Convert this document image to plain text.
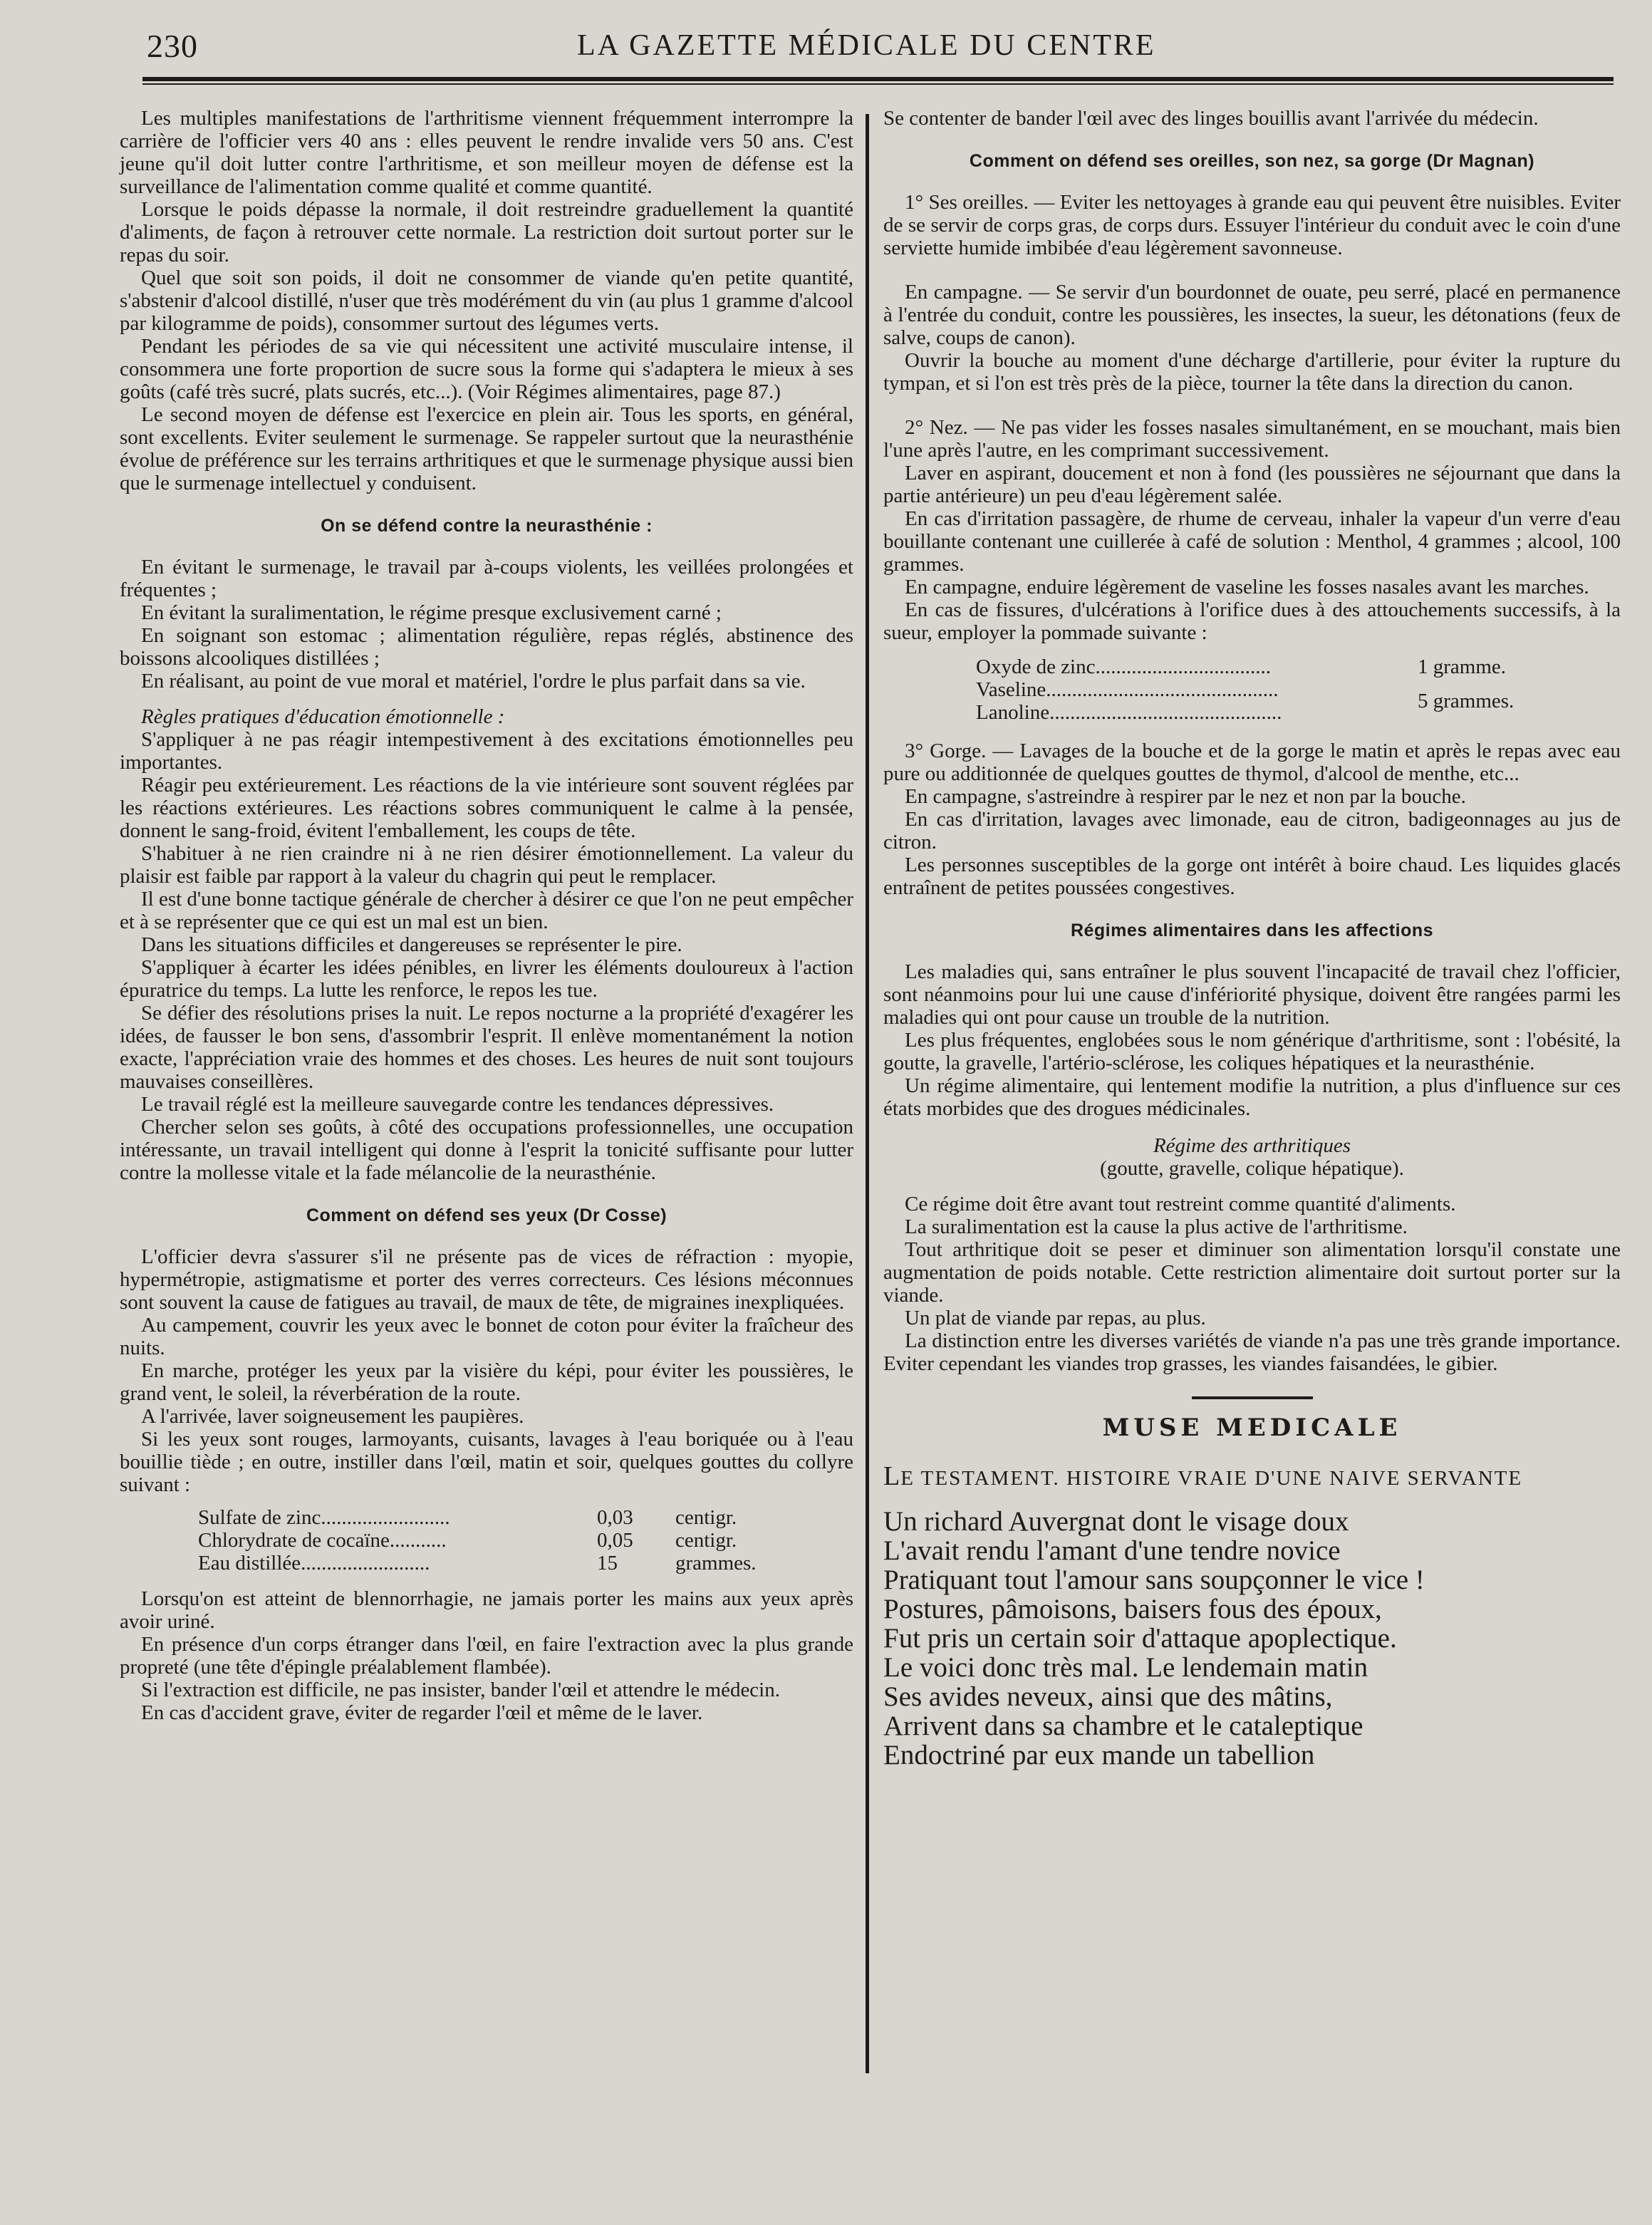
230	LA GAZETTE MÉDICALE DU CENTRE

Les multiples manifestations de l'arthritisme viennent fréquemment interrompre la carrière de l'officier vers 40 ans : elles peuvent le rendre invalide vers 50 ans. C'est jeune qu'il doit lutter contre l'arthritisme, et son meilleur moyen de défense est la surveillance de l'alimentation comme qualité et comme quantité.

Lorsque le poids dépasse la normale, il doit restreindre graduellement la quantité d'aliments, de façon à retrouver cette normale. La restriction doit surtout porter sur le repas du soir.

Quel que soit son poids, il doit ne consommer de viande qu'en petite quantité, s'abstenir d'alcool distillé, n'user que très modérément du vin (au plus 1 gramme d'alcool par kilogramme de poids), consommer surtout des légumes verts.

Pendant les périodes de sa vie qui nécessitent une activité musculaire intense, il consommera une forte proportion de sucre sous la forme qui s'adaptera le mieux à ses goûts (café très sucré, plats sucrés, etc...). (Voir Régimes alimentaires, page 87.)

Le second moyen de défense est l'exercice en plein air. Tous les sports, en général, sont excellents. Eviter seulement le surmenage. Se rappeler surtout que la neurasthénie évolue de préférence sur les terrains arthritiques et que le surmenage physique aussi bien que le surmenage intellectuel y conduisent.

On se défend contre la neurasthénie :

En évitant le surmenage, le travail par à-coups violents, les veillées prolongées et fréquentes ;

En évitant la suralimentation, le régime presque exclusivement carné ;

En soignant son estomac ; alimentation régulière, repas réglés, abstinence des boissons alcooliques distillées ;

En réalisant, au point de vue moral et matériel, l'ordre le plus parfait dans sa vie.

Règles pratiques d'éducation émotionnelle :

S'appliquer à ne pas réagir intempestivement à des excitations émotionnelles peu importantes.

Réagir peu extérieurement. Les réactions de la vie intérieure sont souvent réglées par les réactions extérieures. Les réactions sobres communiquent le calme à la pensée, donnent le sang-froid, évitent l'emballement, les coups de tête.

S'habituer à ne rien craindre ni à ne rien désirer émotionnellement. La valeur du plaisir est faible par rapport à la valeur du chagrin qui peut le remplacer.

Il est d'une bonne tactique générale de chercher à désirer ce que l'on ne peut empêcher et à se représenter que ce qui est un mal est un bien.

Dans les situations difficiles et dangereuses se représenter le pire.

S'appliquer à écarter les idées pénibles, en livrer les éléments douloureux à l'action épuratrice du temps. La lutte les renforce, le repos les tue.

Se défier des résolutions prises la nuit. Le repos nocturne a la propriété d'exagérer les idées, de fausser le bon sens, d'assombrir l'esprit. Il enlève momentanément la notion exacte, l'appréciation vraie des hommes et des choses. Les heures de nuit sont toujours mauvaises conseillères.

Le travail réglé est la meilleure sauvegarde contre les tendances dépressives.

Chercher selon ses goûts, à côté des occupations professionnelles, une occupation intéressante, un travail intelligent qui donne à l'esprit la tonicité suffisante pour lutter contre la mollesse vitale et la fade mélancolie de la neurasthénie.

Comment on défend ses yeux (Dr Cosse)

L'officier devra s'assurer s'il ne présente pas de vices de réfraction : myopie, hypermétropie, astigmatisme et porter des verres correcteurs. Ces lésions méconnues sont souvent la cause de fatigues au travail, de maux de tête, de migraines inexpliquées.

Au campement, couvrir les yeux avec le bonnet de coton pour éviter la fraîcheur des nuits.

En marche, protéger les yeux par la visière du képi, pour éviter les poussières, le grand vent, le soleil, la réverbération de la route.

A l'arrivée, laver soigneusement les paupières.

Si les yeux sont rouges, larmoyants, cuisants, lavages à l'eau boriquée ou à l'eau bouillie tiède ; en outre, instiller dans l'œil, matin et soir, quelques gouttes du collyre suivant :

Sulfate de zinc.........................	0,03	centigr.
Chlorydrate de cocaïne...........	0,05	centigr.
Eau distillée.........................	15	grammes.

Lorsqu'on est atteint de blennorrhagie, ne jamais porter les mains aux yeux après avoir uriné.

En présence d'un corps étranger dans l'œil, en faire l'extraction avec la plus grande propreté (une tête d'épingle préalablement flambée).

Si l'extraction est difficile, ne pas insister, bander l'œil et attendre le médecin.

En cas d'accident grave, éviter de regarder l'œil et même de le laver.

Se contenter de bander l'œil avec des linges bouillis avant l'arrivée du médecin.

Comment on défend ses oreilles, son nez, sa gorge (Dr Magnan)

1° Ses oreilles. — Eviter les nettoyages à grande eau qui peuvent être nuisibles. Eviter de se servir de corps gras, de corps durs. Essuyer l'intérieur du conduit avec le coin d'une serviette humide imbibée d'eau légèrement savonneuse.

En campagne. — Se servir d'un bourdonnet de ouate, peu serré, placé en permanence à l'entrée du conduit, contre les poussières, les insectes, la sueur, les détonations (feux de salve, coups de canon).

Ouvrir la bouche au moment d'une décharge d'artillerie, pour éviter la rupture du tympan, et si l'on est très près de la pièce, tourner la tête dans la direction du canon.

2° Nez. — Ne pas vider les fosses nasales simultanément, en se mouchant, mais bien l'une après l'autre, en les comprimant successivement.

Laver en aspirant, doucement et non à fond (les poussières ne séjournant que dans la partie antérieure) un peu d'eau légèrement salée.

En cas d'irritation passagère, de rhume de cerveau, inhaler la vapeur d'un verre d'eau bouillante contenant une cuillerée à café de solution : Menthol, 4 grammes ; alcool, 100 grammes.

En campagne, enduire légèrement de vaseline les fosses nasales avant les marches.

En cas de fissures, d'ulcérations à l'orifice dues à des attouchements successifs, à la sueur, employer la pommade suivante :

Oxyde de zinc..................................	1 gramme.
Vaseline.............................................
Lanoline.............................................	5 grammes.

3° Gorge. — Lavages de la bouche et de la gorge le matin et après le repas avec eau pure ou additionnée de quelques gouttes de thymol, d'alcool de menthe, etc...

En campagne, s'astreindre à respirer par le nez et non par la bouche.

En cas d'irritation, lavages avec limonade, eau de citron, badigeonnages au jus de citron.

Les personnes susceptibles de la gorge ont intérêt à boire chaud. Les liquides glacés entraînent de petites poussées congestives.

Régimes alimentaires dans les affections

Les maladies qui, sans entraîner le plus souvent l'incapacité de travail chez l'officier, sont néanmoins pour lui une cause d'infériorité physique, doivent être rangées parmi les maladies qui ont pour cause un trouble de la nutrition.

Les plus fréquentes, englobées sous le nom générique d'arthritisme, sont : l'obésité, la goutte, la gravelle, l'artério-sclérose, les coliques hépatiques et la neurasthénie.

Un régime alimentaire, qui lentement modifie la nutrition, a plus d'influence sur ces états morbides que des drogues médicinales.

Régime des arthritiques
(goutte, gravelle, colique hépatique).

Ce régime doit être avant tout restreint comme quantité d'aliments.

La suralimentation est la cause la plus active de l'arthritisme.

Tout arthritique doit se peser et diminuer son alimentation lorsqu'il constate une augmentation de poids notable. Cette restriction alimentaire doit surtout porter sur la viande.

Un plat de viande par repas, au plus.

La distinction entre les diverses variétés de viande n'a pas une très grande importance. Eviter cependant les viandes trop grasses, les viandes faisandées, le gibier.

MUSE MEDICALE
LE TESTAMENT. HISTOIRE VRAIE D'UNE NAIVE SERVANTE
Un richard Auvergnat dont le visage doux
L'avait rendu l'amant d'une tendre novice
Pratiquant tout l'amour sans soupçonner le vice !
Postures, pâmoisons, baisers fous des époux,
Fut pris un certain soir d'attaque apoplectique.
Le voici donc très mal. Le lendemain matin
Ses avides neveux, ainsi que des mâtins,
Arrivent dans sa chambre et le cataleptique
Endoctriné par eux mande un tabellion
